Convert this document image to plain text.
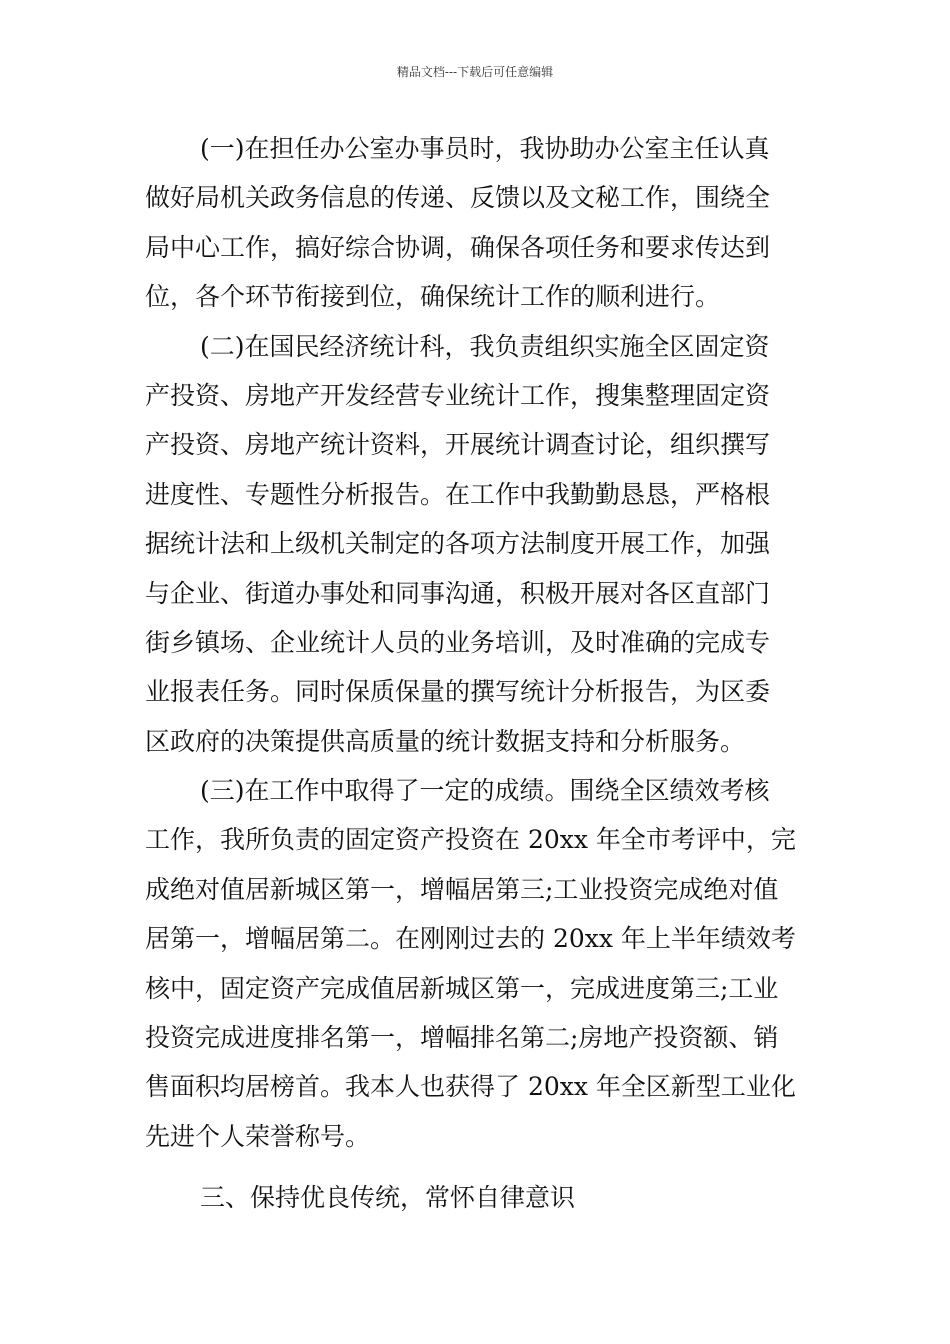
精品文档---下载后可任意编辑
(一)在担任办公室办事员时，我协助办公室主任认真
做好局机关政务信息的传递、反馈以及文秘工作，围绕全
局中心工作，搞好综合协调，确保各项任务和要求传达到
位，各个环节衔接到位，确保统计工作的顺利进行。
(二)在国民经济统计科，我负责组织实施全区固定资
产投资、房地产开发经营专业统计工作，搜集整理固定资
产投资、房地产统计资料，开展统计调查讨论，组织撰写
进度性、专题性分析报告。在工作中我勤勤恳恳，严格根
据统计法和上级机关制定的各项方法制度开展工作，加强
与企业、街道办事处和同事沟通，积极开展对各区直部门
街乡镇场、企业统计人员的业务培训，及时准确的完成专
业报表任务。同时保质保量的撰写统计分析报告，为区委
区政府的决策提供高质量的统计数据支持和分析服务。
(三)在工作中取得了一定的成绩。围绕全区绩效考核
工作，我所负责的固定资产投资在 20xx 年全市考评中，完
成绝对值居新城区第一，增幅居第三;工业投资完成绝对值
居第一，增幅居第二。在刚刚过去的 20xx 年上半年绩效考
核中，固定资产完成值居新城区第一，完成进度第三;工业
投资完成进度排名第一，增幅排名第二;房地产投资额、销
售面积均居榜首。我本人也获得了 20xx 年全区新型工业化
先进个人荣誉称号。
三、保持优良传统，常怀自律意识
